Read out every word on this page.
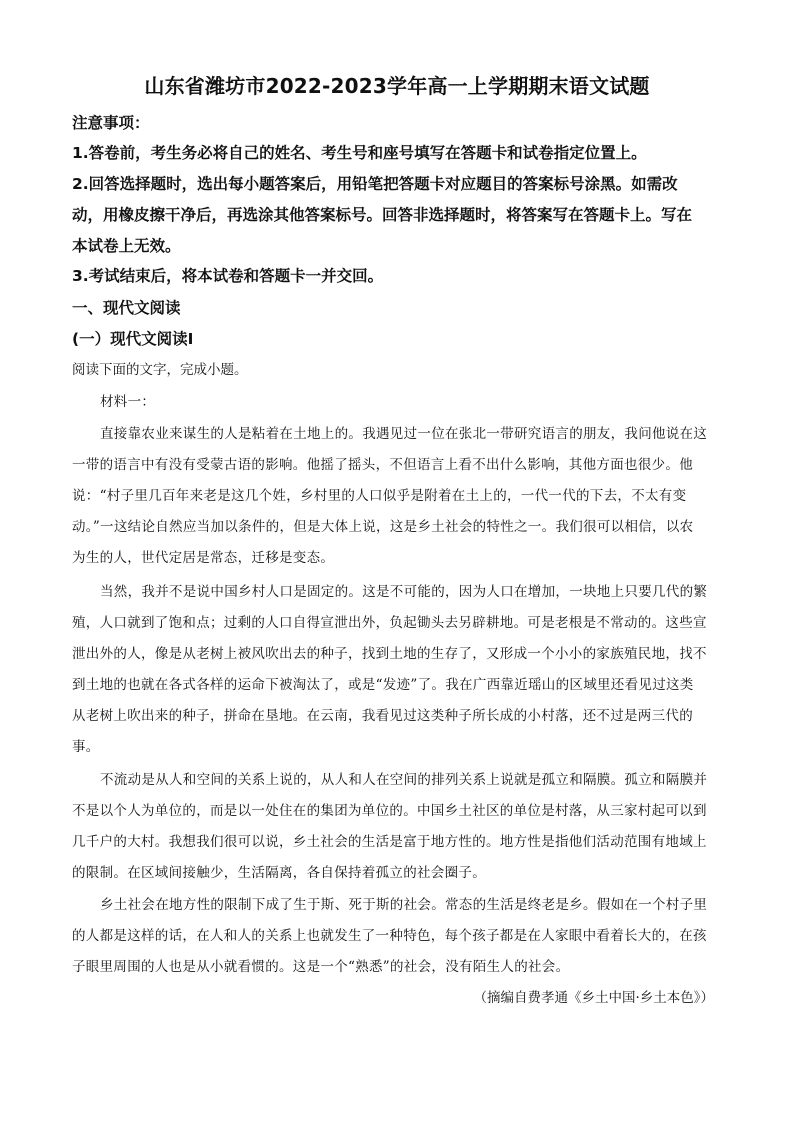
山东省潍坊市2022-2023学年高一上学期期末语文试题
注意事项：
1.答卷前，考生务必将自己的姓名、考生号和座号填写在答题卡和试卷指定位置上。
2.回答选择题时，选出每小题答案后，用铅笔把答题卡对应题目的答案标号涂黑。如需改
动，用橡皮擦干净后，再选涂其他答案标号。回答非选择题时，将答案写在答题卡上。写在
本试卷上无效。
3.考试结束后，将本试卷和答题卡一并交回。
一、现代文阅读
(一）现代文阅读Ⅰ
阅读下面的文字，完成小题。
材料一：
直接靠农业来谋生的人是粘着在土地上的。我遇见过一位在张北一带研究语言的朋友，我问他说在这
一带的语言中有没有受蒙古语的影响。他摇了摇头，不但语言上看不出什么影响，其他方面也很少。他
说：“村子里几百年来老是这几个姓，乡村里的人口似乎是附着在土上的，一代一代的下去，不太有变
动。”一这结论自然应当加以条件的，但是大体上说，这是乡土社会的特性之一。我们很可以相信，以农
为生的人，世代定居是常态，迁移是变态。
当然，我并不是说中国乡村人口是固定的。这是不可能的，因为人口在增加，一块地上只要几代的繁
殖，人口就到了饱和点；过剩的人口自得宣泄出外，负起锄头去另辟耕地。可是老根是不常动的。这些宣
泄出外的人，像是从老树上被风吹出去的种子，找到土地的生存了，又形成一个小小的家族殖民地，找不
到土地的也就在各式各样的运命下被淘汰了，或是“发迹”了。我在广西靠近瑶山的区域里还看见过这类
从老树上吹出来的种子，拼命在垦地。在云南，我看见过这类种子所长成的小村落，还不过是两三代的
事。
不流动是从人和空间的关系上说的，从人和人在空间的排列关系上说就是孤立和隔膜。孤立和隔膜并
不是以个人为单位的，而是以一处住在的集团为单位的。中国乡土社区的单位是村落，从三家村起可以到
几千户的大村。我想我们很可以说，乡土社会的生活是富于地方性的。地方性是指他们活动范围有地域上
的限制。在区域间接触少，生活隔离，各自保持着孤立的社会圈子。
乡土社会在地方性的限制下成了生于斯、死于斯的社会。常态的生活是终老是乡。假如在一个村子里
的人都是这样的话，在人和人的关系上也就发生了一种特色，每个孩子都是在人家眼中看着长大的，在孩
子眼里周围的人也是从小就看惯的。这是一个“熟悉”的社会，没有陌生人的社会。
（摘编自费孝通《乡土中国·乡土本色》）
